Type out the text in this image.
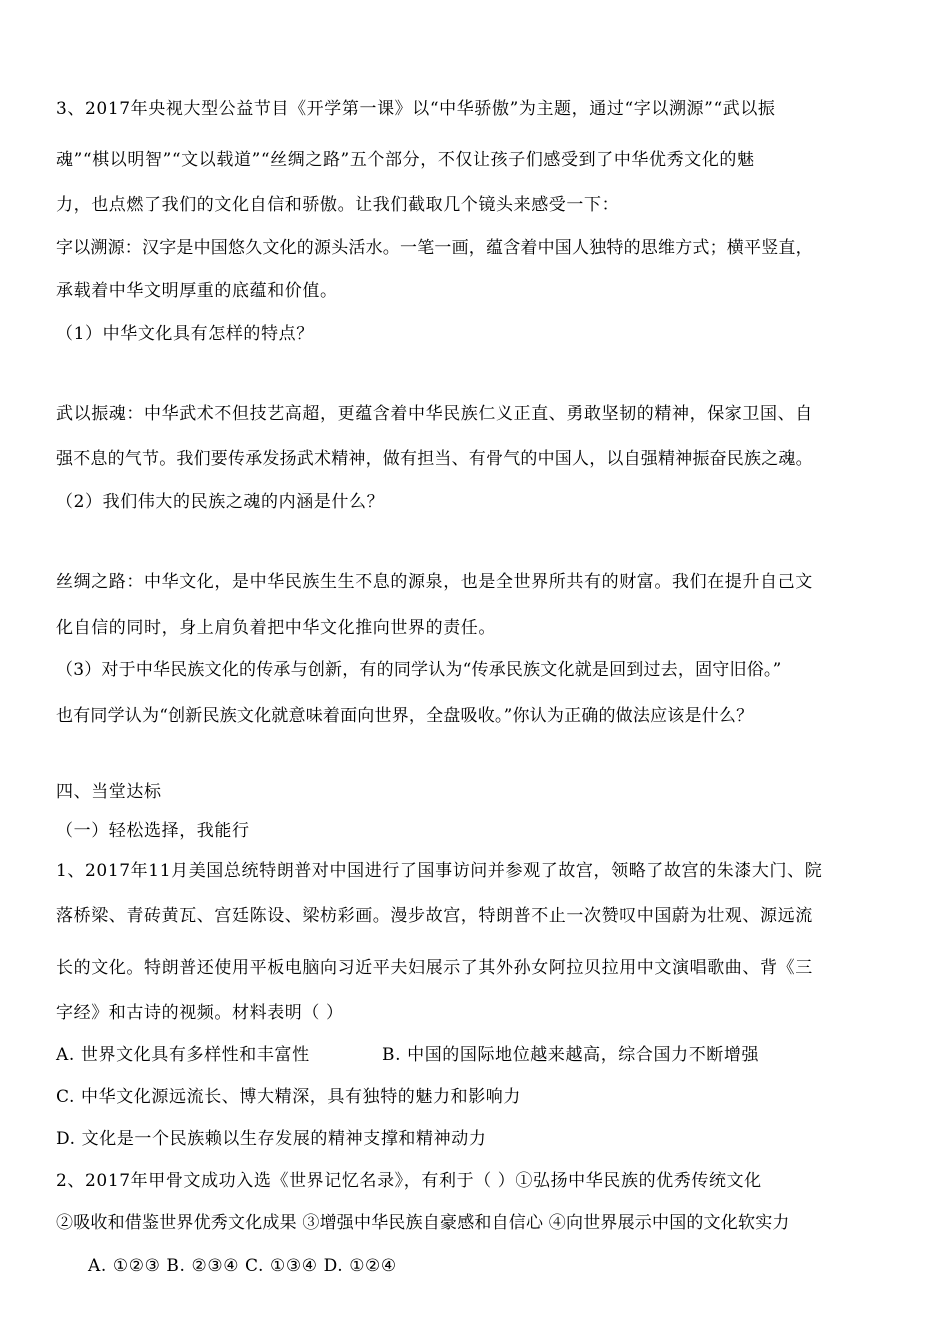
3、2017年央视大型公益节目《开学第一课》以“中华骄傲”为主题，通过“字以溯源”“武以振
魂”“棋以明智”“文以载道”“丝绸之路”五个部分，不仅让孩子们感受到了中华优秀文化的魅
力，也点燃了我们的文化自信和骄傲。让我们截取几个镜头来感受一下：
字以溯源：汉字是中国悠久文化的源头活水。一笔一画，蕴含着中国人独特的思维方式；横平竖直，
承载着中华文明厚重的底蕴和价值。
（1）中华文化具有怎样的特点？
武以振魂：中华武术不但技艺高超，更蕴含着中华民族仁义正直、勇敢坚韧的精神，保家卫国、自
强不息的气节。我们要传承发扬武术精神，做有担当、有骨气的中国人，以自强精神振奋民族之魂。
（2）我们伟大的民族之魂的内涵是什么？
丝绸之路：中华文化，是中华民族生生不息的源泉，也是全世界所共有的财富。我们在提升自己文
化自信的同时，身上肩负着把中华文化推向世界的责任。
（3）对于中华民族文化的传承与创新，有的同学认为“传承民族文化就是回到过去，固守旧俗。”
也有同学认为“创新民族文化就意味着面向世界，全盘吸收。”你认为正确的做法应该是什么？
四、当堂达标
（一）轻松选择，我能行
1、2017年11月美国总统特朗普对中国进行了国事访问并参观了故宫，领略了故宫的朱漆大门、院
落桥梁、青砖黄瓦、宫廷陈设、梁枋彩画。漫步故宫，特朗普不止一次赞叹中国蔚为壮观、源远流
长的文化。特朗普还使用平板电脑向习近平夫妇展示了其外孙女阿拉贝拉用中文演唱歌曲、背《三
字经》和古诗的视频。材料表明（ ）
A. 世界文化具有多样性和丰富性	B. 中国的国际地位越来越高，综合国力不断增强
C. 中华文化源远流长、博大精深，具有独特的魅力和影响力
D. 文化是一个民族赖以生存发展的精神支撑和精神动力
2、2017年甲骨文成功入选《世界记忆名录》，有利于（ ）①弘扬中华民族的优秀传统文化
②吸收和借鉴世界优秀文化成果 ③增强中华民族自豪感和自信心 ④向世界展示中国的文化软实力
A. ①②③ B. ②③④ C. ①③④ D. ①②④
